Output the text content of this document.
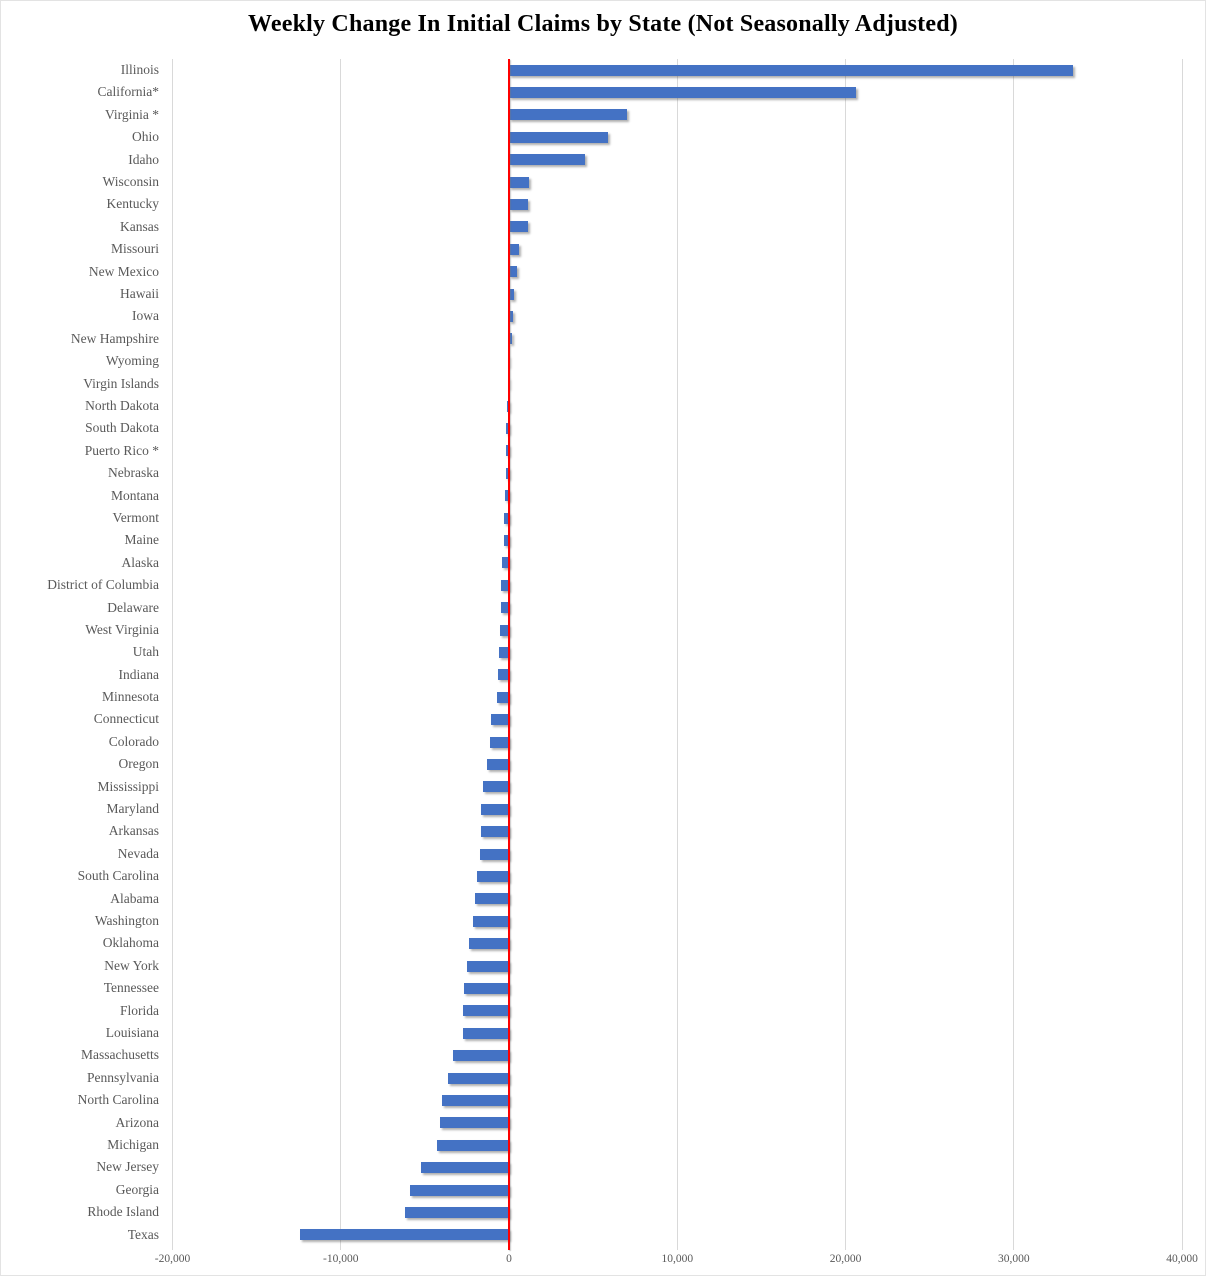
Weekly Change In Initial Claims by State (Not Seasonally Adjusted)
Illinois
California*
Virginia *
Ohio
Idaho
Wisconsin
Kentucky
Kansas
Missouri
New Mexico
Hawaii
Iowa
New Hampshire
Wyoming
Virgin Islands
North Dakota
South Dakota
Puerto Rico *
Nebraska
Montana
Vermont
Maine
Alaska
District of Columbia
Delaware
West Virginia
Utah
Indiana
Minnesota
Connecticut
Colorado
Oregon
Mississippi
Maryland
Arkansas
Nevada
South Carolina
Alabama
Washington
Oklahoma
New York
Tennessee
Florida
Louisiana
Massachusetts
Pennsylvania
North Carolina
Arizona
Michigan
New Jersey
Georgia
Rhode Island
Texas
-20,000	-10,000	0	10,000	20,000	30,000	40,000
